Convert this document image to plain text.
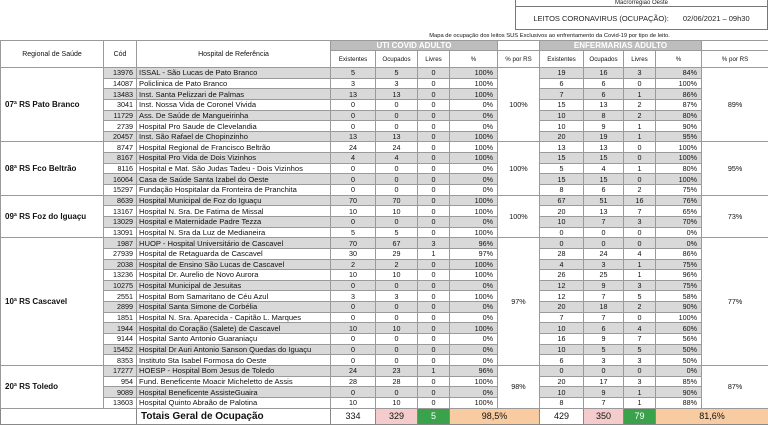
Macrorregiao Oeste
LEITOS CORONAVIRUS (OCUPAÇÃO): 02/06/2021 – 09h30
			Mapa de ocupação dos leitos SUS Exclusivos ao enfrentamento da Covid-19 por tipo de leito.									
Regional de Saúde	Cód	Hospital de Referência	UTI COVID ADULTO					ENFERMARIAS ADULTO				
			Existentes	Ocupados	Livres	%	% por RS	Existentes	Ocupados	Livres	%	% por RS
07ª RS Pato Branco	13976	ISSAL - São Lucas de Pato Branco	5	5	0	100%	100%	19	16	3	84%	89%
	14087	Policlinica de Pato Branco	3	3	0	100%		6	6	0	100%	
	13483	Inst. Santa Pelizzari de Palmas	13	13	0	100%		7	6	1	86%	
	3041	Inst. Nossa Vida de Coronel Vivida	0	0	0	0%		15	13	2	87%	
	11729	Ass. De Saúde de Mangueirinha	0	0	0	0%		10	8	2	80%	
	2739	Hospital Pro Saude de Clevelandia	0	0	0	0%		10	9	1	90%	
	20457	Inst. São Rafael de Chopinzinho	13	13	0	100%		20	19	1	95%	
08ª RS Fco Beltrão	8747	Hospital Regional de Francisco Beltrão	24	24	0	100%	100%	13	13	0	100%	95%
	8167	Hospital Pro Vida de Dois Vizinhos	4	4	0	100%		15	15	0	100%	
	8116	Hospital e Mat. São Judas Tadeu - Dois Vizinhos	0	0	0	0%		5	4	1	80%	
	16064	Casa de Saúde Santa Izabel do Oeste	0	0	0	0%		15	15	0	100%	
	15297	Fundação Hospitalar da Fronteira de Pranchita	0	0	0	0%		8	6	2	75%	
09ª RS Foz do Iguaçu	8639	Hospital Municipal de Foz do Iguaçu	70	70	0	100%	100%	67	51	16	76%	73%
	13167	Hospital N. Sra. De Fatima de Missal	10	10	0	100%		20	13	7	65%	
	13029	Hospital e Maternidade Padre Tezza	0	0	0	0%		10	7	3	70%	
	13091	Hospital N. Sra da Luz de Medianeira	5	5	0	100%		0	0	0	0%	
10ª RS Cascavel	1987	HUOP - Hospital Universitário de Cascavel	70	67	3	96%	97%	0	0	0	0%	77%
	27939	Hospital de Retaguarda de Cascavel	30	29	1	97%		28	24	4	86%	
	2038	Hospital de Ensino São Lucas de Cascavel	2	2	0	100%		4	3	1	75%	
	13236	Hospital Dr. Aurelio de Novo Aurora	10	10	0	100%		26	25	1	96%	
	10275	Hospital Municipal de Jesuitas	0	0	0	0%		12	9	3	75%	
	2551	Hospital Bom Samaritano de Céu Azul	3	3	0	100%		12	7	5	58%	
	2899	Hospital Santa Simone de Corbélia	0	0	0	0%		20	18	2	90%	
	1851	Hospital N. Sra. Aparecida - Capitão L. Marques	0	0	0	0%		7	7	0	100%	
	1944	Hospital do Coração (Salete) de Cascavel	10	10	0	100%		10	6	4	60%	
	9144	Hospital Santo Antonio Guaraniaçu	0	0	0	0%		16	9	7	56%	
	15452	Hospital Dr Auri Antonio Sanson Quedas do Iguaçu	0	0	0	0%		10	5	5	50%	
	8353	Instituto Sta Isabel Formosa do Oeste	0	0	0	0%		6	3	3	50%	
20ª RS Toledo	17277	HOESP - Hospital Bom Jesus de Toledo	24	23	1	96%	98%	0	0	0	0%	87%
	954	Fund. Beneficente Moacir Micheletto de Assis	28	28	0	100%		20	17	3	85%	
	9089	Hospital Beneficente AssisteGuaira	0	0	0	0%		10	9	1	90%	
	13603	Hospital Quinto Abraão de Palotina	10	10	0	100%		8	7	1	88%	
		Totais Geral de Ocupação	334	329	5	98,5%		429	350	79	81,6%	
